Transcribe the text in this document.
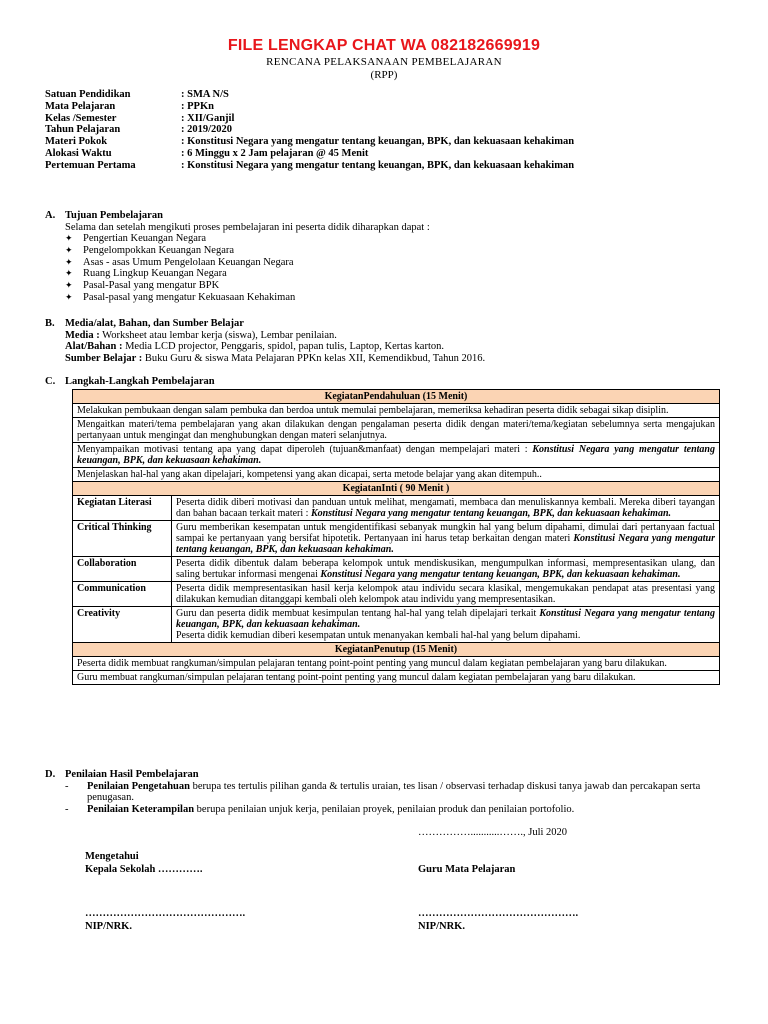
FILE LENGKAP CHAT WA 082182669919
RENCANA PELAKSANAAN PEMBELAJARAN
(RPP)
Satuan Pendidikan	: SMA N/S
Mata Pelajaran	: PPKn
Kelas /Semester	: XII/Ganjil
Tahun Pelajaran	: 2019/2020
Materi Pokok	: Konstitusi Negara yang mengatur tentang keuangan, BPK, dan kekuasaan kehakiman
Alokasi Waktu	: 6 Minggu x 2 Jam pelajaran @ 45 Menit
Pertemuan Pertama	: Konstitusi Negara yang mengatur tentang keuangan, BPK, dan kekuasaan kehakiman
A. Tujuan Pembelajaran
Selama dan setelah mengikuti proses pembelajaran ini peserta didik diharapkan dapat :
✦ Pengertian Keuangan Negara
✦ Pengelompokkan Keuangan Negara
✦ Asas - asas Umum Pengelolaan Keuangan Negara
✦ Ruang Lingkup Keuangan Negara
✦ Pasal-Pasal yang mengatur BPK
✦ Pasal-pasal yang mengatur Kekuasaan Kehakiman
B. Media/alat, Bahan, dan Sumber Belajar
Media : Worksheet atau lembar kerja (siswa), Lembar penilaian.
Alat/Bahan : Media LCD projector, Penggaris, spidol, papan tulis, Laptop, Kertas karton.
Sumber Belajar : Buku Guru & siswa Mata Pelajaran PPKn kelas XII, Kemendikbud, Tahun 2016.
C. Langkah-Langkah Pembelajaran
KegiatanPendahuluan (15 Menit)	
Melakukan pembukaan dengan salam pembuka dan berdoa untuk memulai pembelajaran, memeriksa kehadiran peserta didik sebagai sikap disiplin.	
Mengaitkan materi/tema pembelajaran yang akan dilakukan dengan pengalaman peserta didik dengan materi/tema/kegiatan sebelumnya serta mengajukan pertanyaan untuk mengingat dan menghubungkan dengan materi selanjutnya.	
Menyampaikan motivasi tentang apa yang dapat diperoleh (tujuan&manfaat) dengan mempelajari materi : Konstitusi Negara yang mengatur tentang keuangan, BPK, dan kekuasaan kehakiman.	
Menjelaskan hal-hal yang akan dipelajari, kompetensi yang akan dicapai, serta metode belajar yang akan ditempuh..	
KegiatanInti ( 90 Menit )	
Kegiatan Literasi	Peserta didik diberi motivasi dan panduan untuk melihat, mengamati, membaca dan menuliskannya kembali. Mereka diberi tayangan dan bahan bacaan terkait materi : Konstitusi Negara yang mengatur tentang keuangan, BPK, dan kekuasaan kehakiman.
Critical Thinking	Guru memberikan kesempatan untuk mengidentifikasi sebanyak mungkin hal yang belum dipahami, dimulai dari pertanyaan factual sampai ke pertanyaan yang bersifat hipotetik. Pertanyaan ini harus tetap berkaitan dengan materi Konstitusi Negara yang mengatur tentang keuangan, BPK, dan kekuasaan kehakiman.
Collaboration	Peserta didik dibentuk dalam beberapa kelompok untuk mendiskusikan, mengumpulkan informasi, mempresentasikan ulang, dan saling bertukar informasi mengenai Konstitusi Negara yang mengatur tentang keuangan, BPK, dan kekuasaan kehakiman.
Communication	Peserta didik mempresentasikan hasil kerja kelompok atau individu secara klasikal, mengemukakan pendapat atas presentasi yang dilakukan kemudian ditanggapi kembali oleh kelompok atau individu yang mempresentasikan.
Creativity	Guru dan peserta didik membuat kesimpulan tentang hal-hal yang telah dipelajari terkait Konstitusi Negara yang mengatur tentang keuangan, BPK, dan kekuasaan kehakiman.
Peserta didik kemudian diberi kesempatan untuk menanyakan kembali hal-hal yang belum dipahami.
KegiatanPenutup (15 Menit)	
Peserta didik membuat rangkuman/simpulan pelajaran tentang point-point penting yang muncul dalam kegiatan pembelajaran yang baru dilakukan.	
Guru membuat rangkuman/simpulan pelajaran tentang point-point penting yang muncul dalam kegiatan pembelajaran yang baru dilakukan.	
D. Penilaian Hasil Pembelajaran
-	Penilaian Pengetahuan berupa tes tertulis pilihan ganda & tertulis uraian, tes lisan / observasi terhadap diskusi tanya jawab dan percakapan serta penugasan.
-	Penilaian Keterampilan berupa penilaian unjuk kerja, penilaian proyek, penilaian produk dan penilaian portofolio.
……………...........……., Juli 2020
Mengetahui
Kepala Sekolah ………….	Guru Mata Pelajaran
……………………………………….	……………………………………….
NIP/NRK.	NIP/NRK.
